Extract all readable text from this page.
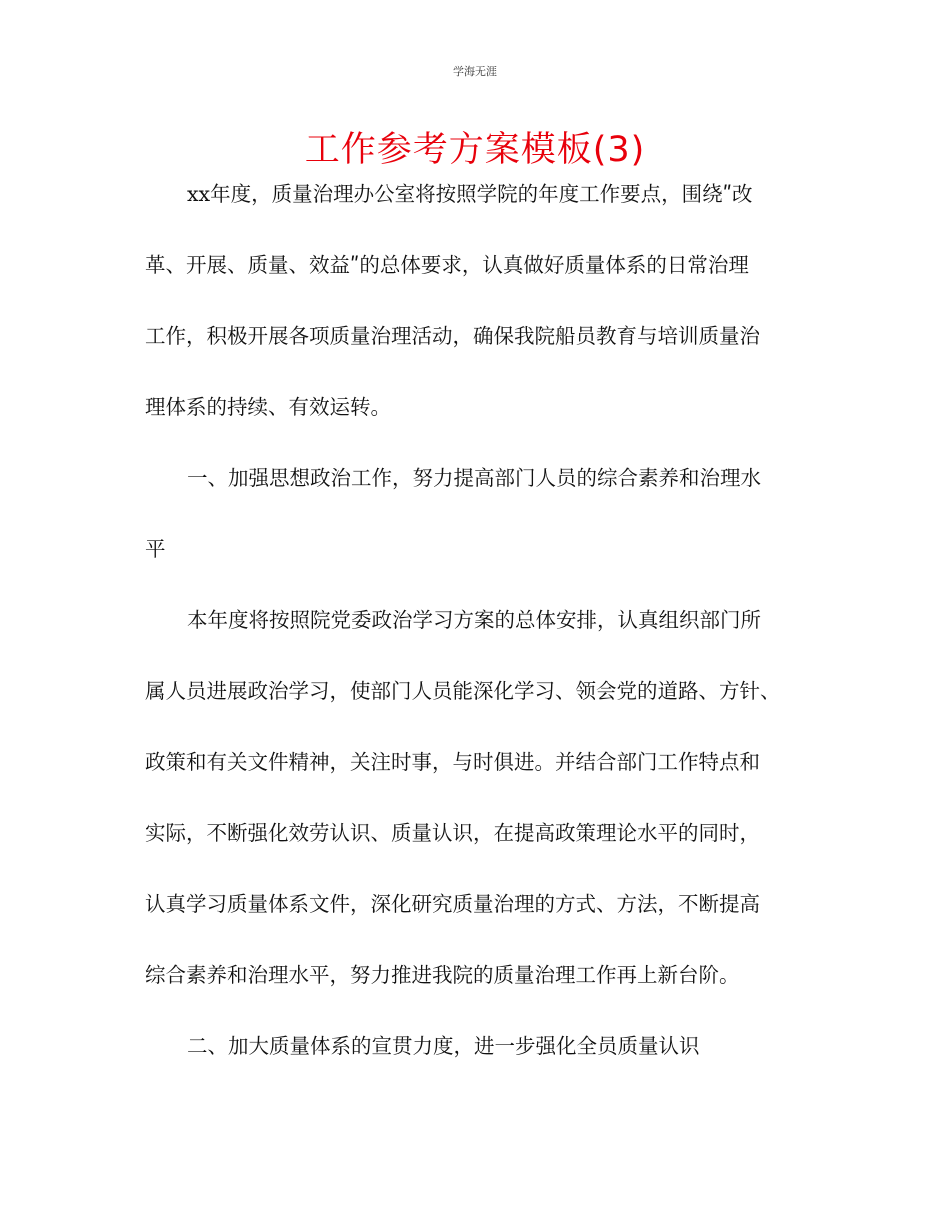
学海无涯
工作参考方案模板(3)
xx年度，质量治理办公室将按照学院的年度工作要点，围绕ʺ改
革、开展、质量、效益ʺ的总体要求，认真做好质量体系的日常治理
工作，积极开展各项质量治理活动，确保我院船员教育与培训质量治
理体系的持续、有效运转。
一、加强思想政治工作，努力提高部门人员的综合素养和治理水
平
本年度将按照院党委政治学习方案的总体安排，认真组织部门所
属人员进展政治学习，使部门人员能深化学习、领会党的道路、方针、
政策和有关文件精神，关注时事，与时俱进。并结合部门工作特点和
实际，不断强化效劳认识、质量认识，在提高政策理论水平的同时，
认真学习质量体系文件，深化研究质量治理的方式、方法，不断提高
综合素养和治理水平，努力推进我院的质量治理工作再上新台阶。
二、加大质量体系的宣贯力度，进一步强化全员质量认识
